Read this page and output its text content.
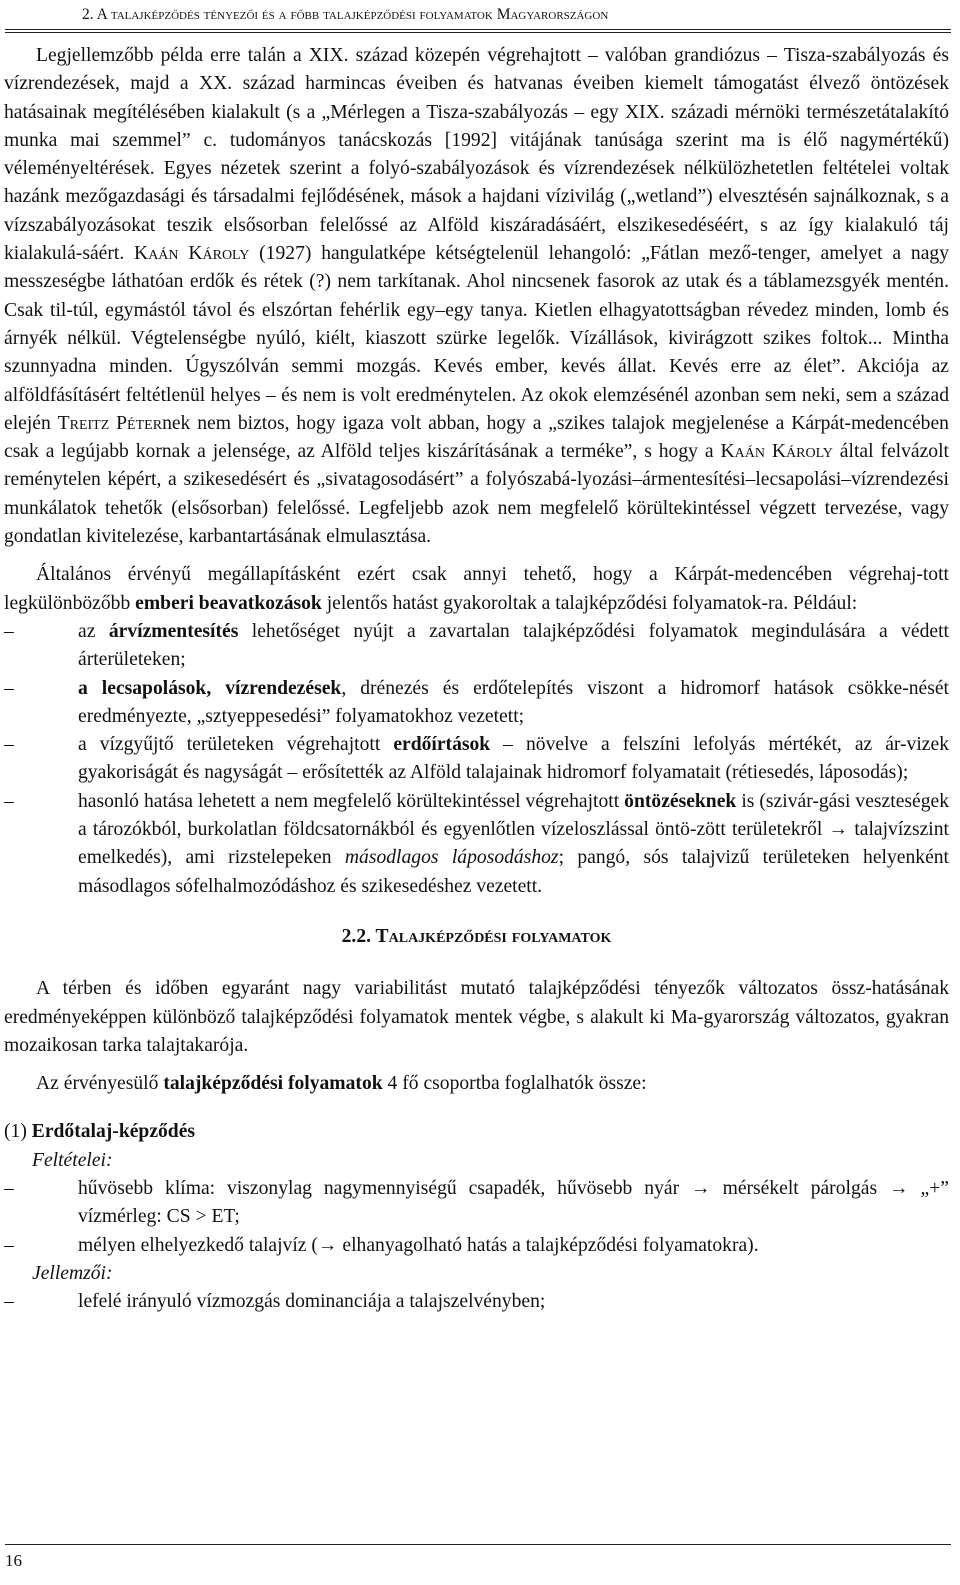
2. A talajképződés tényezői és a főbb talajképződési folyamatok Magyarországon

Legjellemzőbb példa erre talán a XIX. század közepén végrehajtott – valóban grandiózus – Tisza-szabályozás és vízrendezések, majd a XX. század harmincas éveiben és hatvanas éveiben kiemelt támogatást élvező öntözések hatásainak megítélésében kialakult (s a „Mérlegen a Tisza-szabályozás – egy XIX. századi mérnöki természetátalakító munka mai szemmel” c. tudományos tanácskozás [1992] vitájának tanúsága szerint ma is élő nagymértékű) véleményeltérések. Egyes nézetek szerint a folyó-szabályozások és vízrendezések nélkülözhetetlen feltételei voltak hazánk mezőgazdasági és társadalmi fejlődésének, mások a hajdani vízivilág („wetland”) elvesztésén sajnálkoznak, s a vízszabályozásokat teszik elsősorban felelőssé az Alföld kiszáradásáért, elszikesedéséért, s az így kialakuló táj kialakulá-sáért. Kaán Károly (1927) hangulatképe kétségtelenül lehangoló: „Fátlan mező-tenger, amelyet a nagy messzeségbe láthatóan erdők és rétek (?) nem tarkítanak. Ahol nincsenek fasorok az utak és a táblamezsgyék mentén. Csak til-túl, egymástól távol és elszórtan fehérlik egy–egy tanya. Kietlen elhagyatottságban révedez minden, lomb és árnyék nélkül. Végtelenségbe nyúló, kiélt, kiaszott szürke legelők. Vízállások, kivirágzott szikes foltok... Mintha szunnyadna minden. Úgyszólván semmi mozgás. Kevés ember, kevés állat. Kevés erre az élet”. Akciója az alföldfásításért feltétlenül helyes – és nem is volt eredménytelen. Az okok elemzésénél azonban sem neki, sem a század elején Treitz Péternek nem biztos, hogy igaza volt abban, hogy a „szikes talajok megjelenése a Kárpát-medencében csak a legújabb kornak a jelensége, az Alföld teljes kiszárításának a terméke”, s hogy a Kaán Károly által felvázolt reménytelen képért, a szikesedésért és „sivatagosodásért” a folyószabá-lyozási–ármentesítési–lecsapolási–vízrendezési munkálatok tehetők (elsősorban) felelőssé. Legfeljebb azok nem megfelelő körültekintéssel végzett tervezése, vagy gondatlan kivitelezése, karbantartásának elmulasztása.

Általános érvényű megállapításként ezért csak annyi tehető, hogy a Kárpát-medencében végrehaj-tott legkülönbözőbb emberi beavatkozások jelentős hatást gyakoroltak a talajképződési folyamatok-ra. Például:

–	az árvízmentesítés lehetőséget nyújt a zavartalan talajképződési folyamatok megindulására a védett árterületeken;
–	a lecsapolások, vízrendezések, drénezés és erdőtelepítés viszont a hidromorf hatások csökke-nését eredményezte, „sztyeppesedési” folyamatokhoz vezetett;
–	a vízgyűjtő területeken végrehajtott erdőírtások – növelve a felszíni lefolyás mértékét, az ár-vizek gyakoriságát és nagyságát – erősítették az Alföld talajainak hidromorf folyamatait (rétiesedés, láposodás);
–	hasonló hatása lehetett a nem megfelelő körültekintéssel végrehajtott öntözéseknek is (szivár-gási veszteségek a tározókból, burkolatlan földcsatornákból és egyenlőtlen vízeloszlással öntö-zött területekről → talajvízszint emelkedés), ami rizstelepeken másodlagos láposodáshoz; pangó, sós talajvizű területeken helyenként másodlagos sófelhalmozódáshoz és szikesedéshez vezetett.
2.2. Talajképződési folyamatok

A térben és időben egyaránt nagy variabilitást mutató talajképződési tényezők változatos össz-hatásának eredményeképpen különböző talajképződési folyamatok mentek végbe, s alakult ki Ma-gyarország változatos, gyakran mozaikosan tarka talajtakarója.

Az érvényesülő talajképződési folyamatok 4 fő csoportba foglalhatók össze:

(1) Erdőtalaj-képződés
Feltételei:
–	hűvösebb klíma: viszonylag nagymennyiségű csapadék, hűvösebb nyár → mérsékelt párolgás → „+” vízmérleg: CS > ET;
–	mélyen elhelyezkedő talajvíz (→ elhanyagolható hatás a talajképződési folyamatokra).
Jellemzői:
–	lefelé irányuló vízmozgás dominanciája a talajszelvényben;
16
